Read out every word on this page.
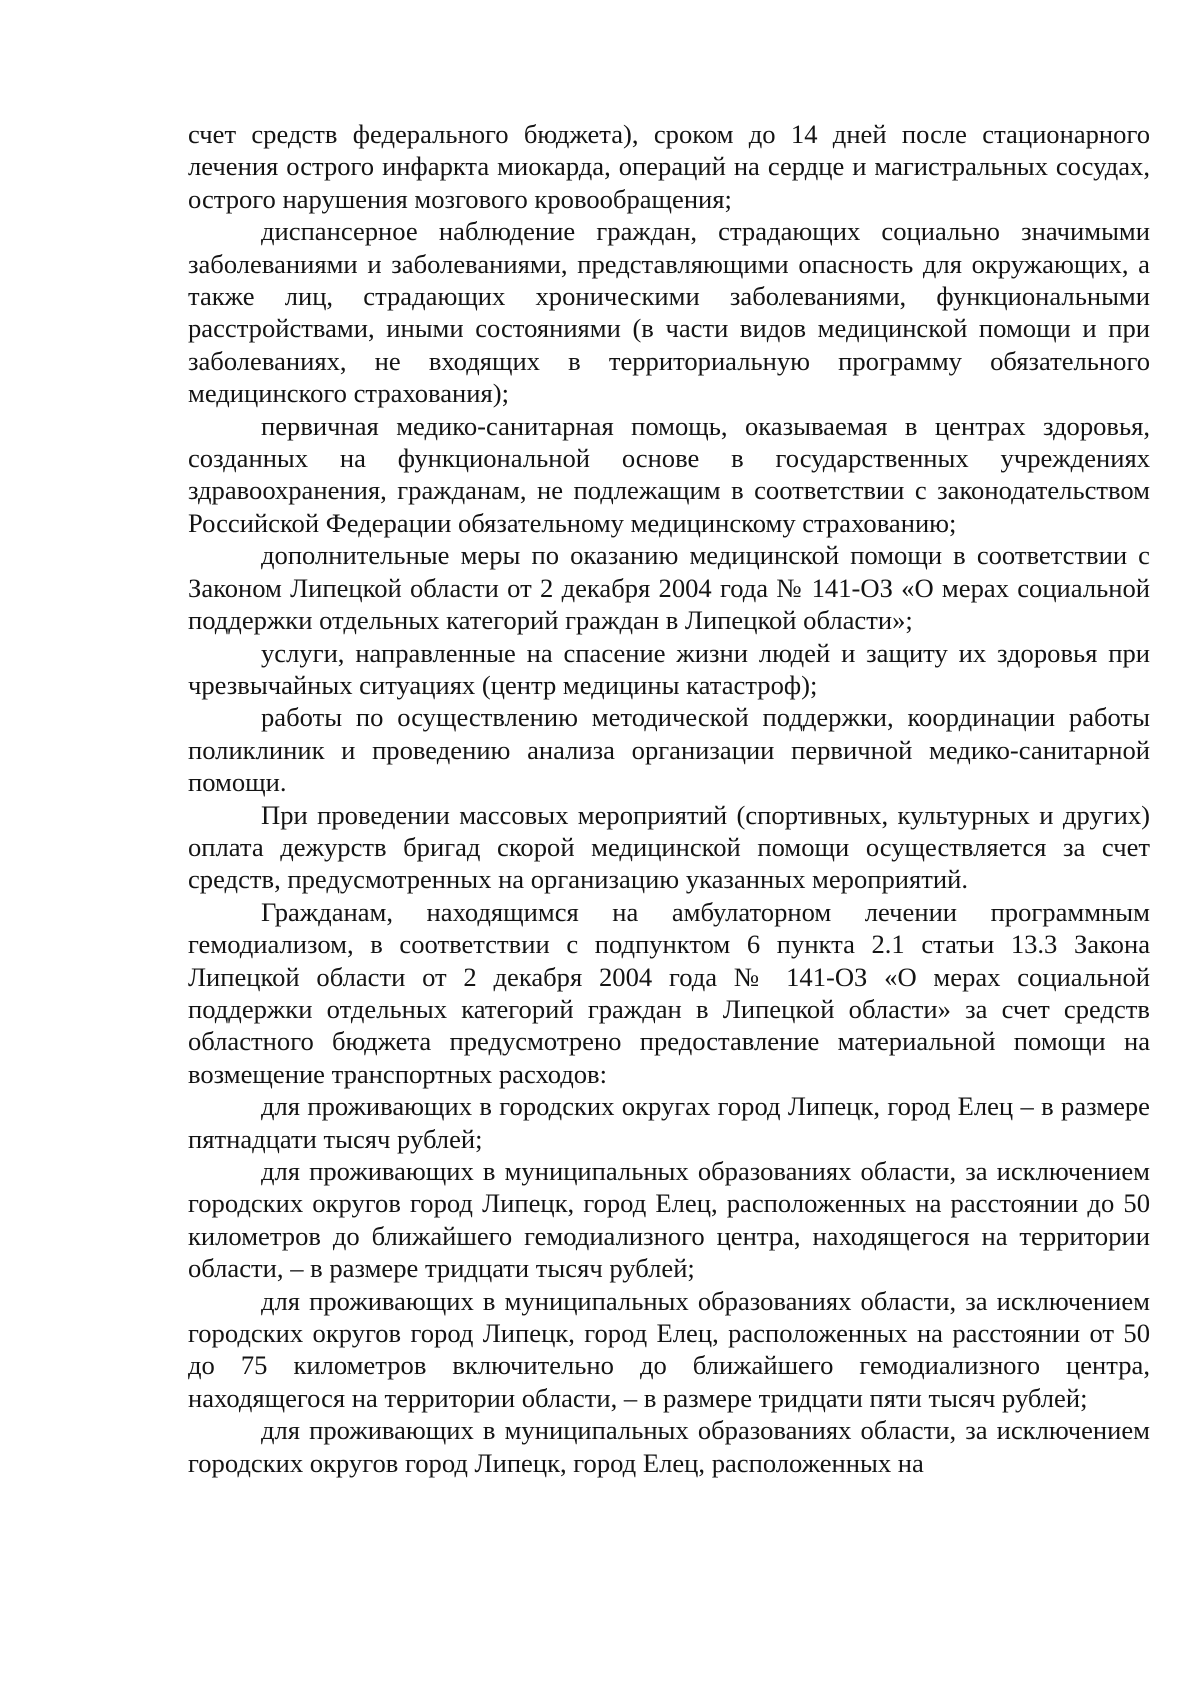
счет средств федерального бюджета), сроком до 14 дней после стационарного лечения острого инфаркта миокарда, операций на сердце и магистральных сосудах, острого нарушения мозгового кровообращения;

диспансерное наблюдение граждан, страдающих социально значимыми заболеваниями и заболеваниями, представляющими опасность для окружающих, а также лиц, страдающих хроническими заболеваниями, функциональными расстройствами, иными состояниями (в части видов медицинской помощи и при заболеваниях, не входящих в территориальную программу обязательного медицинского страхования);

первичная медико-санитарная помощь, оказываемая в центрах здоровья, созданных на функциональной основе в государственных учреждениях здравоохранения, гражданам, не подлежащим в соответствии с законодательством Российской Федерации обязательному медицинскому страхованию;

дополнительные меры по оказанию медицинской помощи в соответствии с Законом Липецкой области от 2 декабря 2004 года № 141-ОЗ «О мерах социальной поддержки отдельных категорий граждан в Липецкой области»;

услуги, направленные на спасение жизни людей и защиту их здоровья при чрезвычайных ситуациях (центр медицины катастроф);

работы по осуществлению методической поддержки, координации работы поликлиник и проведению анализа организации первичной медико-санитарной помощи.

При проведении массовых мероприятий (спортивных, культурных и других) оплата дежурств бригад скорой медицинской помощи осуществляется за счет средств, предусмотренных на организацию указанных мероприятий.

Гражданам, находящимся на амбулаторном лечении программным гемодиализом, в соответствии с подпунктом 6 пункта 2.1 статьи 13.3 Закона Липецкой области от 2 декабря 2004 года № 141-ОЗ «О мерах социальной поддержки отдельных категорий граждан в Липецкой области» за счет средств областного бюджета предусмотрено предоставление материальной помощи на возмещение транспортных расходов:

для проживающих в городских округах город Липецк, город Елец – в размере пятнадцати тысяч рублей;

для проживающих в муниципальных образованиях области, за исключением городских округов город Липецк, город Елец, расположенных на расстоянии до 50 километров до ближайшего гемодиализного центра, находящегося на территории области, – в размере тридцати тысяч рублей;

для проживающих в муниципальных образованиях области, за исключением городских округов город Липецк, город Елец, расположенных на расстоянии от 50 до 75 километров включительно до ближайшего гемодиализного центра, находящегося на территории области, – в размере тридцати пяти тысяч рублей;

для проживающих в муниципальных образованиях области, за исключением городских округов город Липецк, город Елец, расположенных на
